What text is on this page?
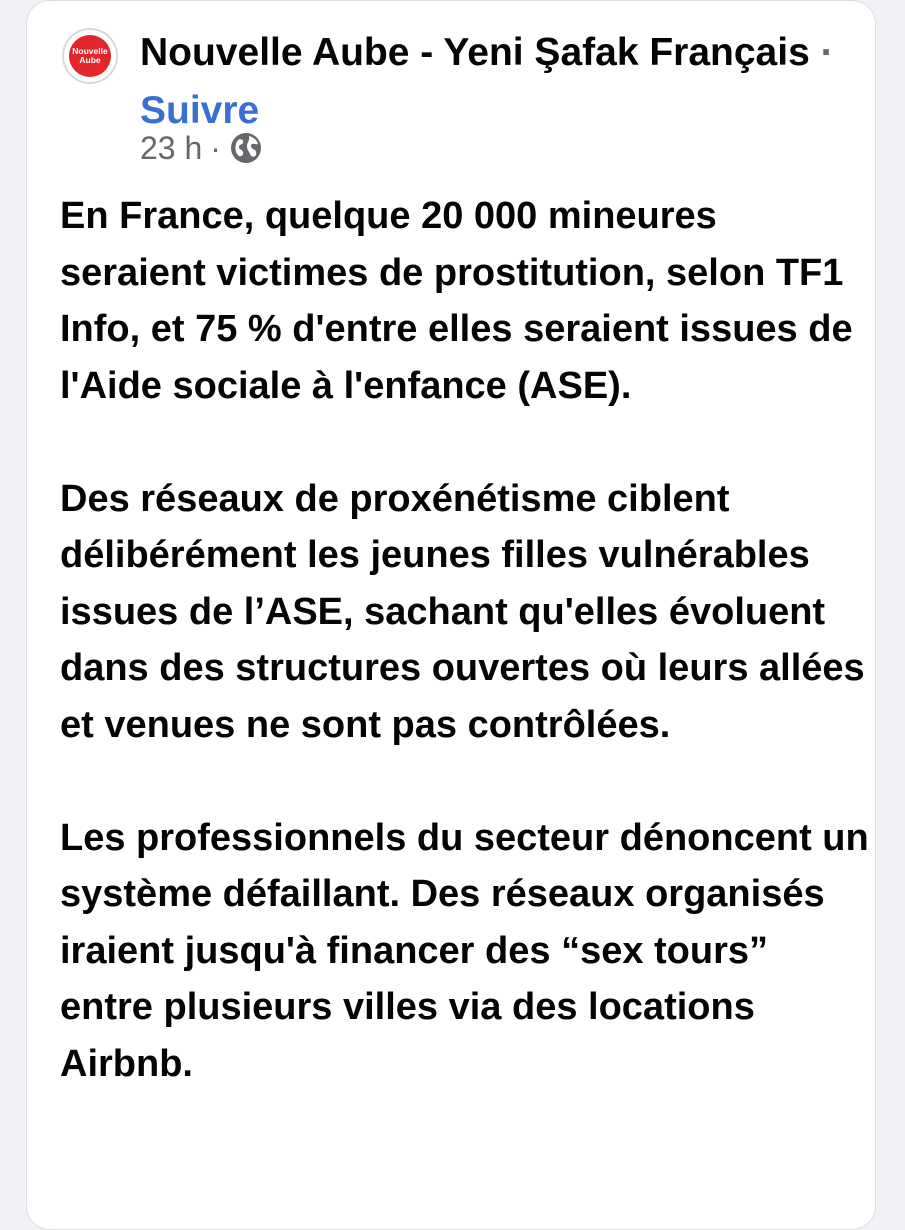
Nouvelle
Aube Nouvelle Aube - Yeni Şafak Français · Suivre
23 h ·

En France, quelque 20 000 mineures seraient victimes de prostitution, selon TF1 Info, et 75 % d'entre elles seraient issues de l'Aide sociale à l'enfance (ASE).

Des réseaux de proxénétisme ciblent délibérément les jeunes filles vulnérables issues de l’ASE, sachant qu'elles évoluent dans des structures ouvertes où leurs allées et venues ne sont pas contrôlées.

Les professionnels du secteur dénoncent un système défaillant. Des réseaux organisés iraient jusqu'à financer des “sex tours” entre plusieurs villes via des locations Airbnb.
